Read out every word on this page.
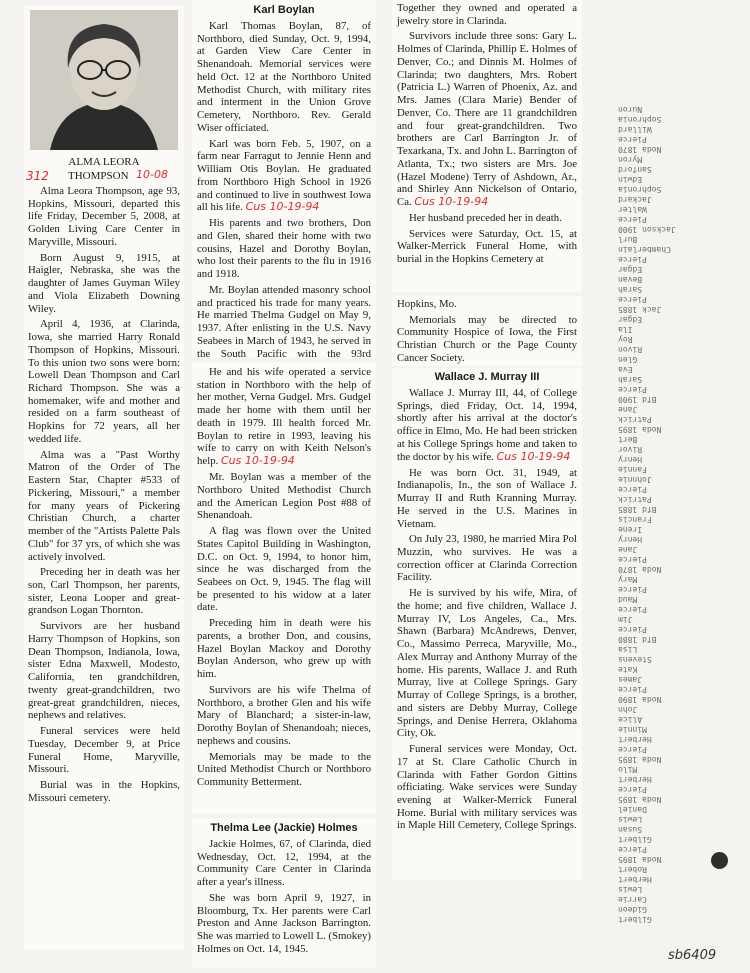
ALMA LEORA
312 THOMPSON 10-08

Alma Leora Thompson, age 93, Hopkins, Missouri, departed this life Friday, December 5, 2008, at Golden Living Care Center in Maryville, Missouri.

Born August 9, 1915, at Haigler, Nebraska, she was the daughter of James Guyman Wiley and Viola Elizabeth Downing Wiley.

April 4, 1936, at Clarinda, Iowa, she married Harry Ronald Thompson of Hopkins, Missouri. To this union two sons were born: Lowell Dean Thompson and Carl Richard Thompson. She was a homemaker, wife and mother and resided on a farm southeast of Hopkins for 72 years, all her wedded life.

Alma was a "Past Worthy Matron of the Order of The Eastern Star, Chapter #533 of Pickering, Missouri," a member for many years of Pickering Christian Church, a charter member of the "Artists Palette Pals Club" for 37 yrs, of which she was actively involved.

Preceding her in death was her son, Carl Thompson, her parents, sister, Leona Looper and great-grandson Logan Thornton.

Survivors are her husband Harry Thompson of Hopkins, son Dean Thompson, Indianola, Iowa, sister Edna Maxwell, Modesto, California, ten grandchildren, twenty great-grandchildren, two great-great grandchildren, nieces, nephews and relatives.

Funeral services were held Tuesday, December 9, at Price Funeral Home, Maryville, Missouri.

Burial was in the Hopkins, Missouri cemetery.

Karl Boylan

Karl Thomas Boylan, 87, of Northboro, died Sunday, Oct. 9, 1994, at Garden View Care Center in Shenandoah. Memorial services were held Oct. 12 at the Northboro United Methodist Church, with military rites and interment in the Union Grove Cemetery, Northboro. Rev. Gerald Wiser officiated.

Karl was born Feb. 5, 1907, on a farm near Farragut to Jennie Henn and William Otis Boylan. He graduated from Northboro High School in 1926 and continued to live in southwest Iowa all his life. Cus 10-19-94

His parents and two brothers, Don and Glen, shared their home with two cousins, Hazel and Dorothy Boylan, who lost their parents to the flu in 1916 and 1918.

Mr. Boylan attended masonry school and practiced his trade for many years. He married Thelma Gudgel on May 9, 1937. After enlisting in the U.S. Navy Seabees in March of 1943, he served in the South Pacific with the 93rd

He and his wife operated a service station in Northboro with the help of her mother, Verna Gudgel. Mrs. Gudgel made her home with them until her death in 1979. Ill health forced Mr. Boylan to retire in 1993, leaving his wife to carry on with Keith Nelson's help. Cus 10-19-94

Mr. Boylan was a member of the Northboro United Methodist Church and the American Legion Post #88 of Shenandoah.

A flag was flown over the United States Capitol Building in Washington, D.C. on Oct. 9, 1994, to honor him, since he was discharged from the Seabees on Oct. 9, 1945. The flag will be presented to his widow at a later date.

Preceding him in death were his parents, a brother Don, and cousins, Hazel Boylan Mackoy and Dorothy Boylan Anderson, who grew up with him.

Survivors are his wife Thelma of Northboro, a brother Glen and his wife Mary of Blanchard; a sister-in-law, Dorothy Boylan of Shenandoah; nieces, nephews and cousins.

Memorials may be made to the United Methodist Church or Northboro Community Betterment.

Thelma Lee (Jackie) Holmes

Jackie Holmes, 67, of Clarinda, died Wednesday, Oct. 12, 1994, at the Community Care Center in Clarinda after a year's illness.

She was born April 9, 1927, in Bloomburg, Tx. Her parents were Carl Preston and Anne Jackson Barrington. She was married to Lowell L. (Smokey) Holmes on Oct. 14, 1945.

Together they owned and operated a jewelry store in Clarinda.

Survivors include three sons: Gary L. Holmes of Clarinda, Phillip E. Holmes of Denver, Co.; and Dinnis M. Holmes of Clarinda; two daughters, Mrs. Robert (Patricia L.) Warren of Phoenix, Az. and Mrs. James (Clara Marie) Bender of Denver, Co. There are 11 grandchildren and four great-grandchildren. Two brothers are Carl Barrington Jr. of Texarkana, Tx. and John L. Barrington of Atlanta, Tx.; two sisters are Mrs. Joe (Hazel Modene) Terry of Ashdown, Ar., and Shirley Ann Nickelson of Ontario, Ca. Cus 10-19-94

Her husband preceded her in death.

Services were Saturday, Oct. 15, at Walker-Merrick Funeral Home, with burial in the Hopkins Cemetery at

Hopkins, Mo.

Memorials may be directed to Community Hospice of Iowa, the First Christian Church or the Page County Cancer Society.

Wallace J. Murray III

Wallace J. Murray III, 44, of College Springs, died Friday, Oct. 14, 1994, shortly after his arrival at the doctor's office in Elmo, Mo. He had been stricken at his College Springs home and taken to the doctor by his wife. Cus 10-19-94

He was born Oct. 31, 1949, at Indianapolis, In., the son of Wallace J. Murray II and Ruth Kranning Murray. He served in the U.S. Marines in Vietnam.

On July 23, 1980, he married Mira Pol Muzzin, who survives. He was a correction officer at Clarinda Correction Facility.

He is survived by his wife, Mira, of the home; and five children, Wallace J. Murray IV, Los Angeles, Ca., Mrs. Shawn (Barbara) McAndrews, Denver, Co., Massimo Perreca, Maryville, Mo., Alex Murray and Anthony Murray of the home. His parents, Wallace J. and Ruth Murray, live at College Springs. Gary Murray of College Springs, is a brother, and sisters are Debby Murray, College Springs, and Denise Herrera, Oklahoma City, Ok.

Funeral services were Monday, Oct. 17 at St. Clare Catholic Church in Clarinda with Father Gordon Gittins officiating. Wake services were Sunday evening at Walker-Merrick Funeral Home. Burial with military services was in Maple Hill Cemetery, College Springs.

Nuron
Sophronia
Willard
Pierce
Noda 1870
Myron
Sanford
Edwin
Sophronia
Jackard
Walter
Pierce
Jackson 1900
Burl
Chamberlain
Pierce
Edgar
Bevan
Sarah
Pierce
Jack 1885
Edgar
Ila
Roy
Rivon
Glen
Eva
Sarah
Pierce
Bfd 1900
Jane
Patrick
Noda 1895
Bert
Rivor
Henry
Fannie
Johnnie
Pierce
Patrick
Bfd 1885
Francis
Irene
Henry
Jane
Pierce
Noda 1870
Mary
Pierce
Maud
Pierce
Jim
Pierce
Bfd 1880
Lisa
Stevens
Kate
James
Pierce
Noda 1890
John
Alice
Minnie
Herbert
Pierce
Noda 1895
Milo
Herbert
Pierce
Noda 1895
Daniel
Lewis
Susan
Gilbert
Pierce
Noda 1895
Robert
Herbert
Lewis
Carrie
Gideon
Gilbert
sb6409
